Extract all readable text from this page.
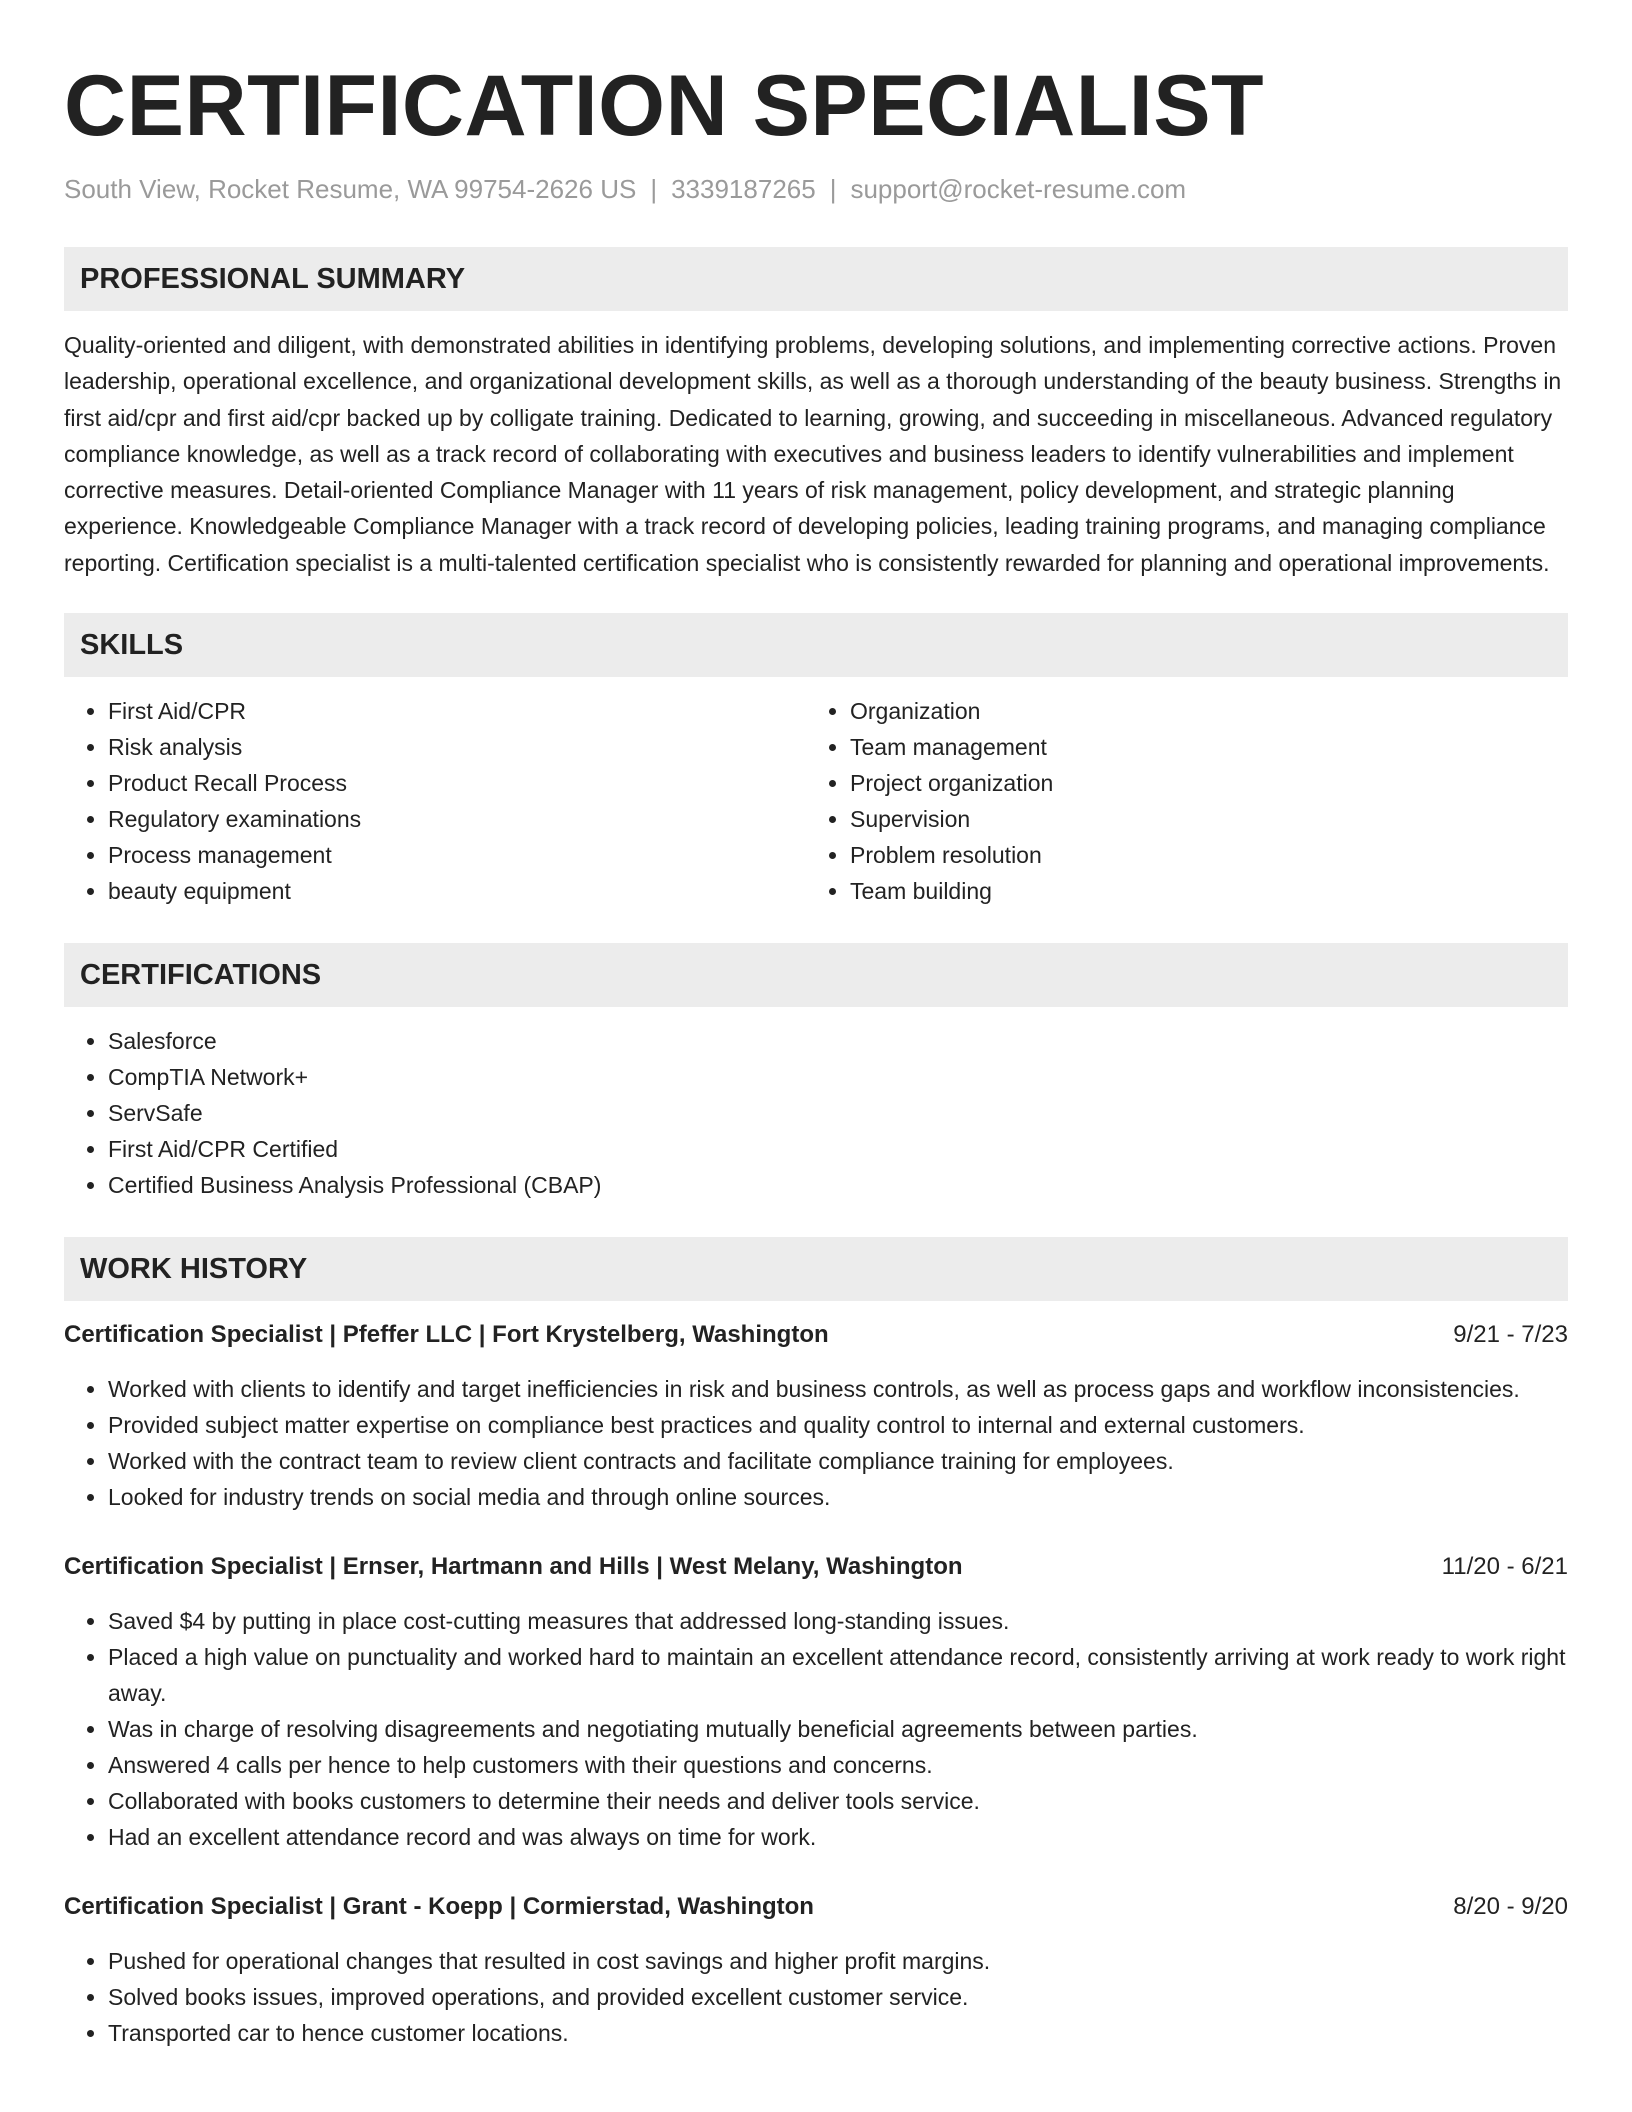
CERTIFICATION SPECIALIST
South View, Rocket Resume, WA 99754-2626 US | 3339187265 | support@rocket-resume.com
PROFESSIONAL SUMMARY

Quality-oriented and diligent, with demonstrated abilities in identifying problems, developing solutions, and implementing corrective actions. Proven leadership, operational excellence, and organizational development skills, as well as a thorough understanding of the beauty business. Strengths in first aid/cpr and first aid/cpr backed up by colligate training. Dedicated to learning, growing, and succeeding in miscellaneous. Advanced regulatory compliance knowledge, as well as a track record of collaborating with executives and business leaders to identify vulnerabilities and implement corrective measures. Detail-oriented Compliance Manager with 11 years of risk management, policy development, and strategic planning experience. Knowledgeable Compliance Manager with a track record of developing policies, leading training programs, and managing compliance reporting. Certification specialist is a multi-talented certification specialist who is consistently rewarded for planning and operational improvements.

SKILLS
• First Aid/CPR
• Risk analysis
• Product Recall Process
• Regulatory examinations
• Process management
• beauty equipment
• Organization
• Team management
• Project organization
• Supervision
• Problem resolution
• Team building
CERTIFICATIONS
• Salesforce
• CompTIA Network+
• ServSafe
• First Aid/CPR Certified
• Certified Business Analysis Professional (CBAP)
WORK HISTORY
Certification Specialist | Pfeffer LLC | Fort Krystelberg, Washington	9/21 - 7/23
• Worked with clients to identify and target inefficiencies in risk and business controls, as well as process gaps and workflow inconsistencies.
• Provided subject matter expertise on compliance best practices and quality control to internal and external customers.
• Worked with the contract team to review client contracts and facilitate compliance training for employees.
• Looked for industry trends on social media and through online sources.
Certification Specialist | Ernser, Hartmann and Hills | West Melany, Washington	11/20 - 6/21
• Saved $4 by putting in place cost-cutting measures that addressed long-standing issues.
• Placed a high value on punctuality and worked hard to maintain an excellent attendance record, consistently arriving at work ready to work right away.
• Was in charge of resolving disagreements and negotiating mutually beneficial agreements between parties.
• Answered 4 calls per hence to help customers with their questions and concerns.
• Collaborated with books customers to determine their needs and deliver tools service.
• Had an excellent attendance record and was always on time for work.
Certification Specialist | Grant - Koepp | Cormierstad, Washington	8/20 - 9/20
• Pushed for operational changes that resulted in cost savings and higher profit margins.
• Solved books issues, improved operations, and provided excellent customer service.
• Transported car to hence customer locations.
